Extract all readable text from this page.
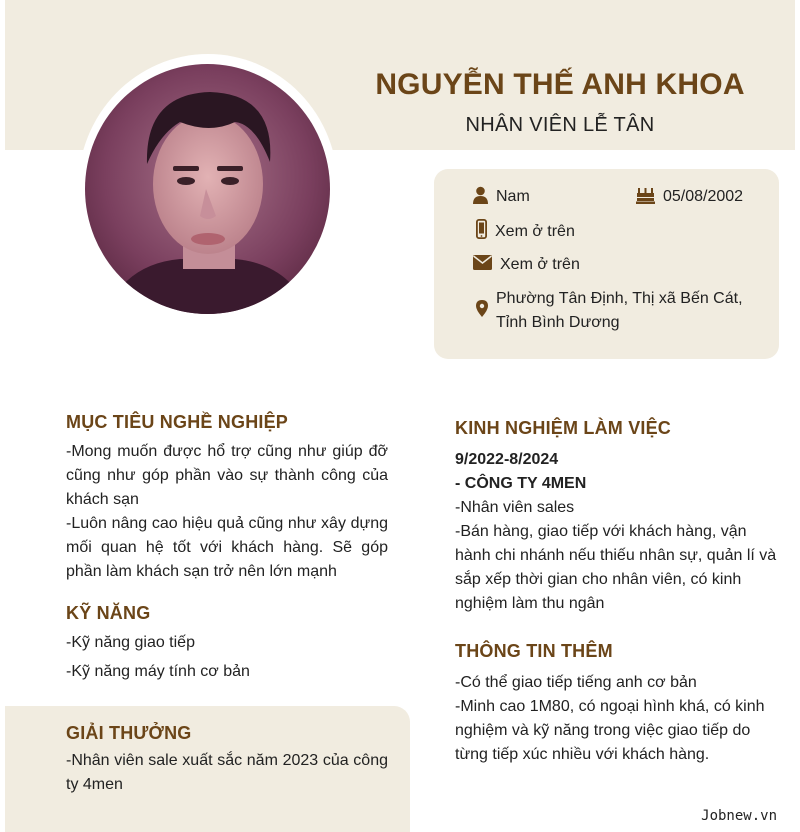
NGUYỄN THẾ ANH KHOA
NHÂN VIÊN LỄ TÂN
Nam	05/08/2002
Xem ở trên
Xem ở trên
Phường Tân Định, Thị xã Bến Cát,
Tỉnh Bình Dương
MỤC TIÊU NGHỀ NGHIỆP
-Mong muốn được hổ trợ cũng như giúp đỡ cũng như góp phần vào sự thành công của khách sạn
-Luôn nâng cao hiệu quả cũng như xây dựng mối quan hệ tốt với khách hàng. Sẽ góp phần làm khách sạn trở nên lớn mạnh
KỸ NĂNG
-Kỹ năng giao tiếp
-Kỹ năng máy tính cơ bản
GIẢI THƯỞNG
-Nhân viên sale xuất sắc năm 2023 của công ty 4men
KINH NGHIỆM LÀM VIỆC
9/2022-8/2024
- CÔNG TY 4MEN
-Nhân viên sales
-Bán hàng, giao tiếp với khách hàng, vận hành chi nhánh nếu thiếu nhân sự, quản lí và sắp xếp thời gian cho nhân viên, có kinh nghiệm làm thu ngân
THÔNG TIN THÊM
-Có thể giao tiếp tiếng anh cơ bản
-Minh cao 1M80, có ngoại hình khá, có kinh nghiệm và kỹ năng trong việc giao tiếp do từng tiếp xúc nhiều với khách hàng.
Jobnew.vn
